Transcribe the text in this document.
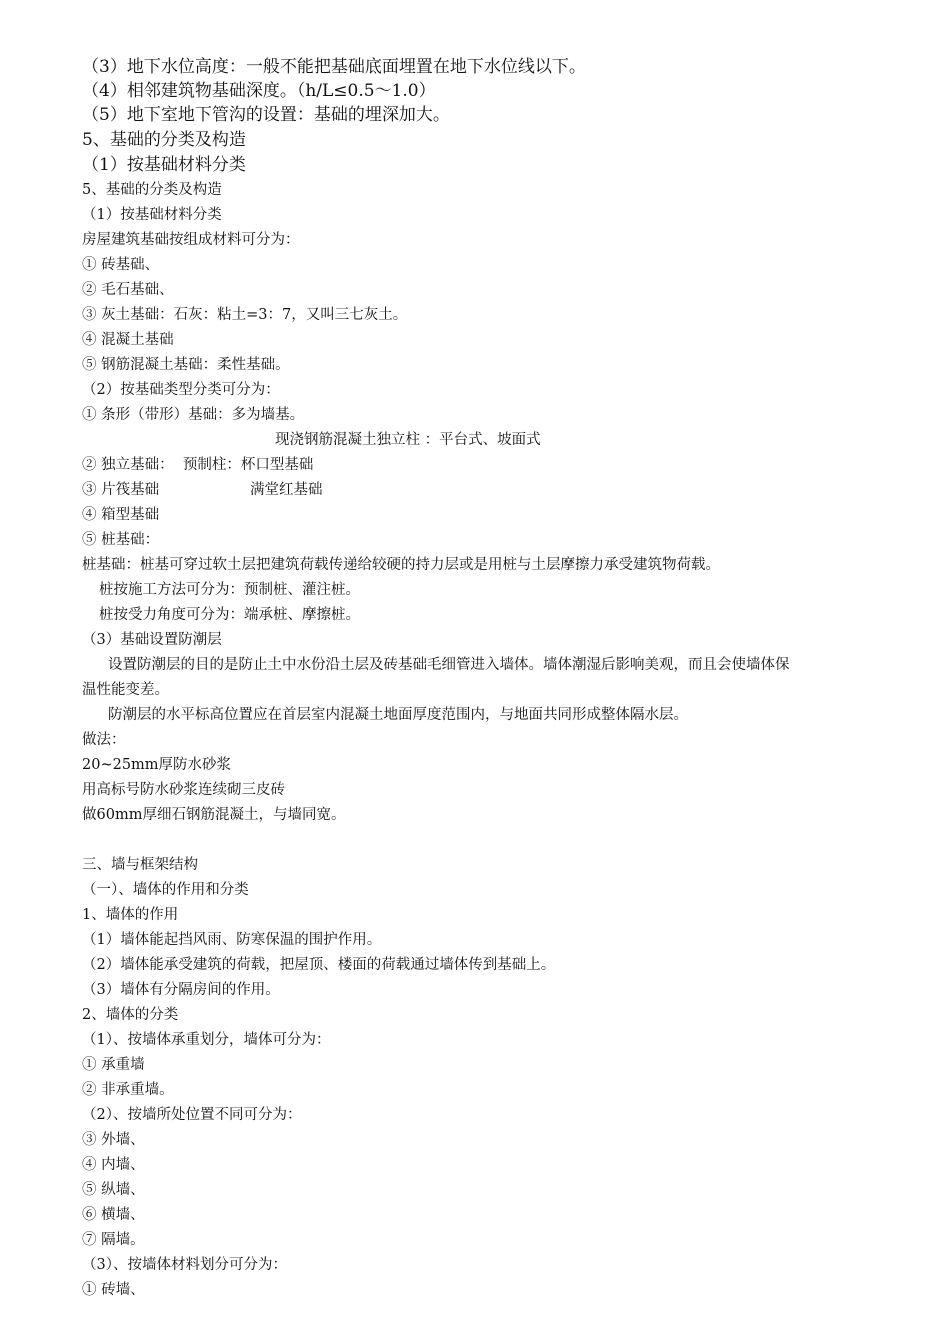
（3）地下水位高度：一般不能把基础底面埋置在地下水位线以下。

（4）相邻建筑物基础深度。（h/L≤0.5～1.0）

（5）地下室地下管沟的设置：基础的埋深加大。

5、基础的分类及构造

（1）按基础材料分类

5、基础的分类及构造

（1）按基础材料分类

房屋建筑基础按组成材料可分为：

① 砖基础、

② 毛石基础、

③ 灰土基础：石灰：粘土=3：7，又叫三七灰土。

④ 混凝土基础

⑤ 钢筋混凝土基础：柔性基础。

（2）按基础类型分类可分为：

① 条形（带形）基础：多为墙基。

现浇钢筋混凝土独立柱 ：平台式、坡面式

② 独立基础：  预制柱：杯口型基础

③ 片筏基础	满堂红基础

④ 箱型基础

⑤ 桩基础：

桩基础：桩基可穿过软土层把建筑荷载传递给较硬的持力层或是用桩与土层摩擦力承受建筑物荷载。

桩按施工方法可分为：预制桩、灌注桩。

桩按受力角度可分为：端承桩、摩擦桩。

（3）基础设置防潮层

设置防潮层的目的是防止土中水份沿土层及砖基础毛细管进入墙体。墙体潮湿后影响美观，而且会使墙体保

温性能变差。

防潮层的水平标高位置应在首层室内混凝土地面厚度范围内，与地面共同形成整体隔水层。

做法：

20~25mm厚防水砂浆

用高标号防水砂浆连续砌三皮砖

做60mm厚细石钢筋混凝土，与墙同宽。

三、墙与框架结构

（一）、墙体的作用和分类

1、墙体的作用

（1）墙体能起挡风雨、防寒保温的围护作用。

（2）墙体能承受建筑的荷载，把屋顶、楼面的荷载通过墙体传到基础上。

（3）墙体有分隔房间的作用。

2、墙体的分类

（1）、按墙体承重划分，墙体可分为：

① 承重墙

② 非承重墙。

（2）、按墙所处位置不同可分为：

③ 外墙、

④ 内墙、

⑤ 纵墙、

⑥ 横墙、

⑦ 隔墙。

（3）、按墙体材料划分可分为：

① 砖墙、
